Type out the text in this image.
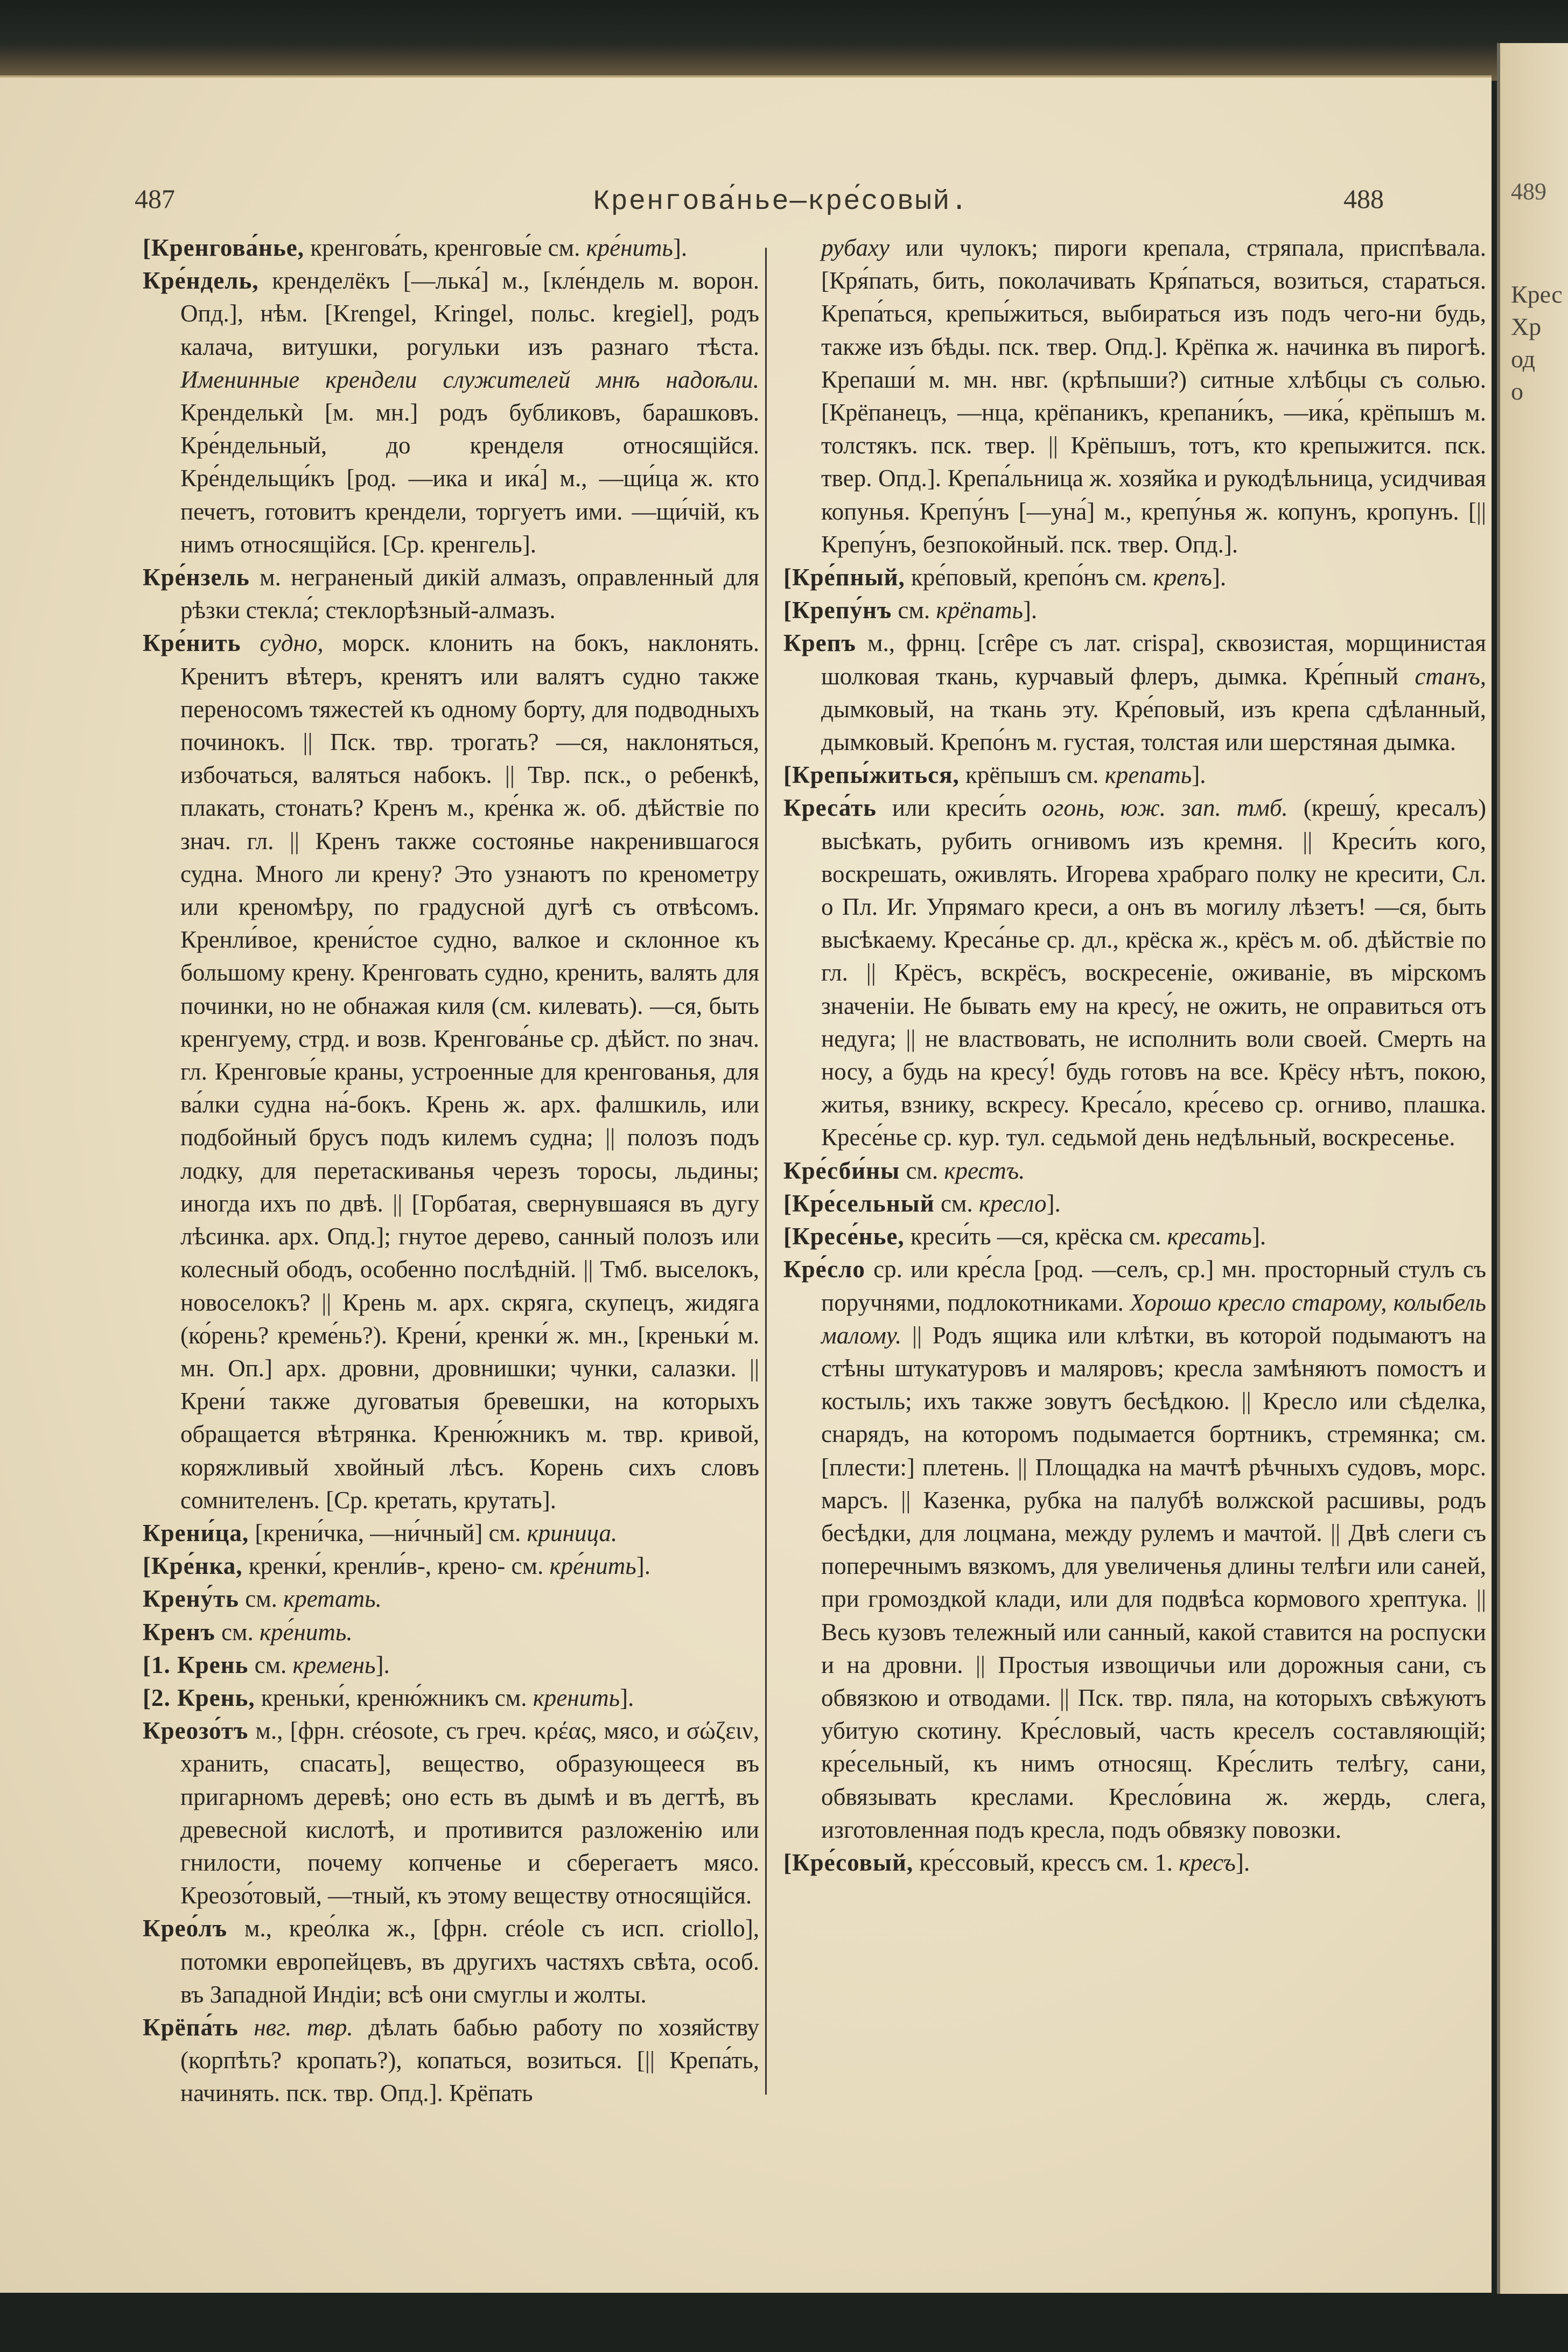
489
Крес
Хр
од
о
487	Кренгова́нье—кре́совый.	488

[Кренгова́нье, кренгова́ть, кренговы́е см. кре́нить].

Кре́ндель, кренделёкъ [—лька́] м., [кле́ндель м. ворон. Опд.], нѣм. [Krengel, Kringel, польс. kregiel], родъ калача, витушки, рогульки изъ разнаго тѣста. Именинные крендели служителей мнѣ надоѣли. Кренделькѝ [м. мн.] родъ бубликовъ, барашковъ. Кре́ндельный, до кренделя относящiйся. Кре́ндельщи́къ [род. —ика и ика́] м., —щи́ца ж. кто печетъ, готовитъ крендели, торгуетъ ими. —щи́чiй, къ нимъ относящiйся. [Ср. кренгель].

Кре́нзель м. неграненый дикiй алмазъ, оправленный для рѣзки стекла́; стеклорѣзный-алмазъ.

Кре́нить судно, морск. клонить на бокъ, наклонять. Кренитъ вѣтеръ, кренятъ или валятъ судно также переносомъ тяжестей къ одному борту, для подводныхъ починокъ. || Пск. твр. трогать? —ся, наклоняться, избочаться, валяться набокъ. || Твр. пск., о ребенкѣ, плакать, стонать? Кренъ м., кре́нка ж. об. дѣйствiе по знач. гл. || Кренъ также состоянье накренившагося судна. Много ли крену? Это узнаютъ по кренометру или креномѣру, по градусной дугѣ съ отвѣсомъ. Кренли́вое, крени́стое судно, валкое и склонное къ большому крену. Кренговать судно, кренить, валять для починки, но не обнажая киля (см. килевать). —ся, быть кренгуему, стрд. и возв. Кренгова́нье ср. дѣйст. по знач. гл. Кренговы́е краны, устроенные для кренгованья, для ва́лки судна на́-бокъ. Крень ж. арх. фалшкиль, или подбойный брусъ подъ килемъ судна; || полозъ подъ лодку, для перетаскиванья черезъ торосы, льдины; иногда ихъ по двѣ. || [Горбатая, свернувшаяся въ дугу лѣсинка. арх. Опд.]; гнутое дерево, санный полозъ или колесный ободъ, особенно послѣднiй. || Тмб. выселокъ, новоселокъ? || Крень м. арх. скряга, скупецъ, жидяга (ко́рень? креме́нь?). Крени́, кренки́ ж. мн., [креньки́ м. мн. Оп.] арх. дровни, дровнишки; чунки, салазки. || Крени́ также дуговатыя бревешки, на которыхъ обращается вѣтрянка. Креню́жникъ м. твр. кривой, коряжливый хвойный лѣсъ. Корень сихъ словъ сомнителенъ. [Ср. кретать, крутать].

Крени́ца, [крени́чка, —ни́чный] см. криница.

[Кре́нка, кренки́, кренли́в-, крено- см. кре́нить].

Крену́ть см. кретать.

Кренъ см. кре́нить.

[1. Крень см. кремень].

[2. Крень, креньки́, креню́жникъ см. кренить].

Креозо́тъ м., [фрн. créosote, съ греч. κρέας, мясо, и σώζειν, хранить, спасать], вещество, образующееся въ пригарномъ деревѣ; оно есть въ дымѣ и въ дегтѣ, въ древесной кислотѣ, и противится разложенiю или гнилости, почему копченье и сберегаетъ мясо. Креозо́товый, —тный, къ этому веществу относящiйся.

Крео́лъ м., крео́лка ж., [фрн. créole съ исп. criollo], потомки европейцевъ, въ другихъ частяхъ свѣта, особ. въ Западной Индiи; всѣ они смуглы и жолты.

Крёпа́ть нвг. твр. дѣлать бабью работу по хозяйству (корпѣть? кропать?), копаться, возиться. [|| Крепа́ть, начинять. пск. твр. Опд.]. Крёпать

рубаху или чулокъ; пироги крепала, стряпала, приспѣвала. [Кря́пать, бить, поколачивать Кря́паться, возиться, стараться. Крепа́ться, крепы́житься, выбираться изъ подъ чего-ни будь, также изъ бѣды. пск. твер. Опд.]. Крёпка ж. начинка въ пирогѣ. Крепаши́ м. мн. нвг. (крѣпыши?) ситные хлѣбцы съ солью. [Крёпанецъ, —нца, крёпаникъ, крепани́къ, —ика́, крёпышъ м. толстякъ. пск. твер. || Крёпышъ, тотъ, кто крепыжится. пск. твер. Опд.]. Крепа́льница ж. хозяйка и рукодѣльница, усидчивая копунья. Крепу́нъ [—уна́] м., крепу́нья ж. копунъ, кропунъ. [|| Крепу́нъ, безпокойный. пск. твер. Опд.].

[Кре́пный, кре́повый, крепо́нъ см. крепъ].

[Крепу́нъ см. крёпать].

Крепъ м., фрнц. [crêpe съ лат. crispa], сквозистая, морщинистая шолковая ткань, курчавый флеръ, дымка. Кре́пный станъ, дымковый, на ткань эту. Кре́повый, изъ крепа сдѣланный, дымковый. Крепо́нъ м. густая, толстая или шерстяная дымка.

[Крепы́житься, крёпышъ см. крепать].

Креса́ть или креси́ть огонь, юж. зап. тмб. (крешу́, кресалъ) высѣкать, рубить огнивомъ изъ кремня. || Креси́ть кого, воскрешать, оживлять. Игорева храбраго полку не кресити, Сл. о Пл. Иг. Упрямаго креси, а онъ въ могилу лѣзетъ! —ся, быть высѣкаему. Креса́нье ср. дл., крёска ж., крёсъ м. об. дѣйствiе по гл. || Крёсъ, вскрёсъ, воскресенiе, оживанiе, въ мiрскомъ значенiи. Не бывать ему на кресу́, не ожить, не оправиться отъ недуга; || не властвовать, не исполнить воли своей. Смерть на носу, а будь на кресу́! будь готовъ на все. Крёсу нѣтъ, покою, житья, взнику, вскресу. Креса́ло, кре́сево ср. огниво, плашка. Кресе́нье ср. кур. тул. седьмой день недѣльный, воскресенье.

Кре́сби́ны см. крестъ.

[Кре́сельный см. кресло].

[Кресе́нье, креси́ть —ся, крёска см. кресать].

Кре́сло ср. или кре́сла [род. —селъ, ср.] мн. просторный стулъ съ поручнями, подлокотниками. Хорошо кресло старому, колыбель малому. || Родъ ящика или клѣтки, въ которой подымаютъ на стѣны штукатуровъ и маляровъ; кресла замѣняютъ помостъ и костыль; ихъ также зовутъ бесѣдкою. || Кресло или сѣделка, снарядъ, на которомъ подымается бортникъ, стремянка; см. [плести:] плетень. || Площадка на мачтѣ рѣчныхъ судовъ, морс. марсъ. || Казенка, рубка на палубѣ волжской расшивы, родъ бесѣдки, для лоцмана, между рулемъ и мачтой. || Двѣ слеги съ поперечнымъ вязкомъ, для увеличенья длины телѣги или саней, при громоздкой клади, или для подвѣса кормового хрептука. || Весь кузовъ тележный или санный, какой ставится на роспуски и на дровни. || Простыя извощичьи или дорожныя сани, съ обвязкою и отводами. || Пск. твр. пяла, на которыхъ свѣжуютъ убитую скотину. Кре́словый, часть креселъ составляющiй; кре́сельный, къ нимъ относящ. Кре́слить телѣгу, сани, обвязывать креслами. Кресло́вина ж. жердь, слега, изготовленная подъ кресла, подъ обвязку повозки.

[Кре́совый, кре́ссовый, крессъ см. 1. кресъ].
